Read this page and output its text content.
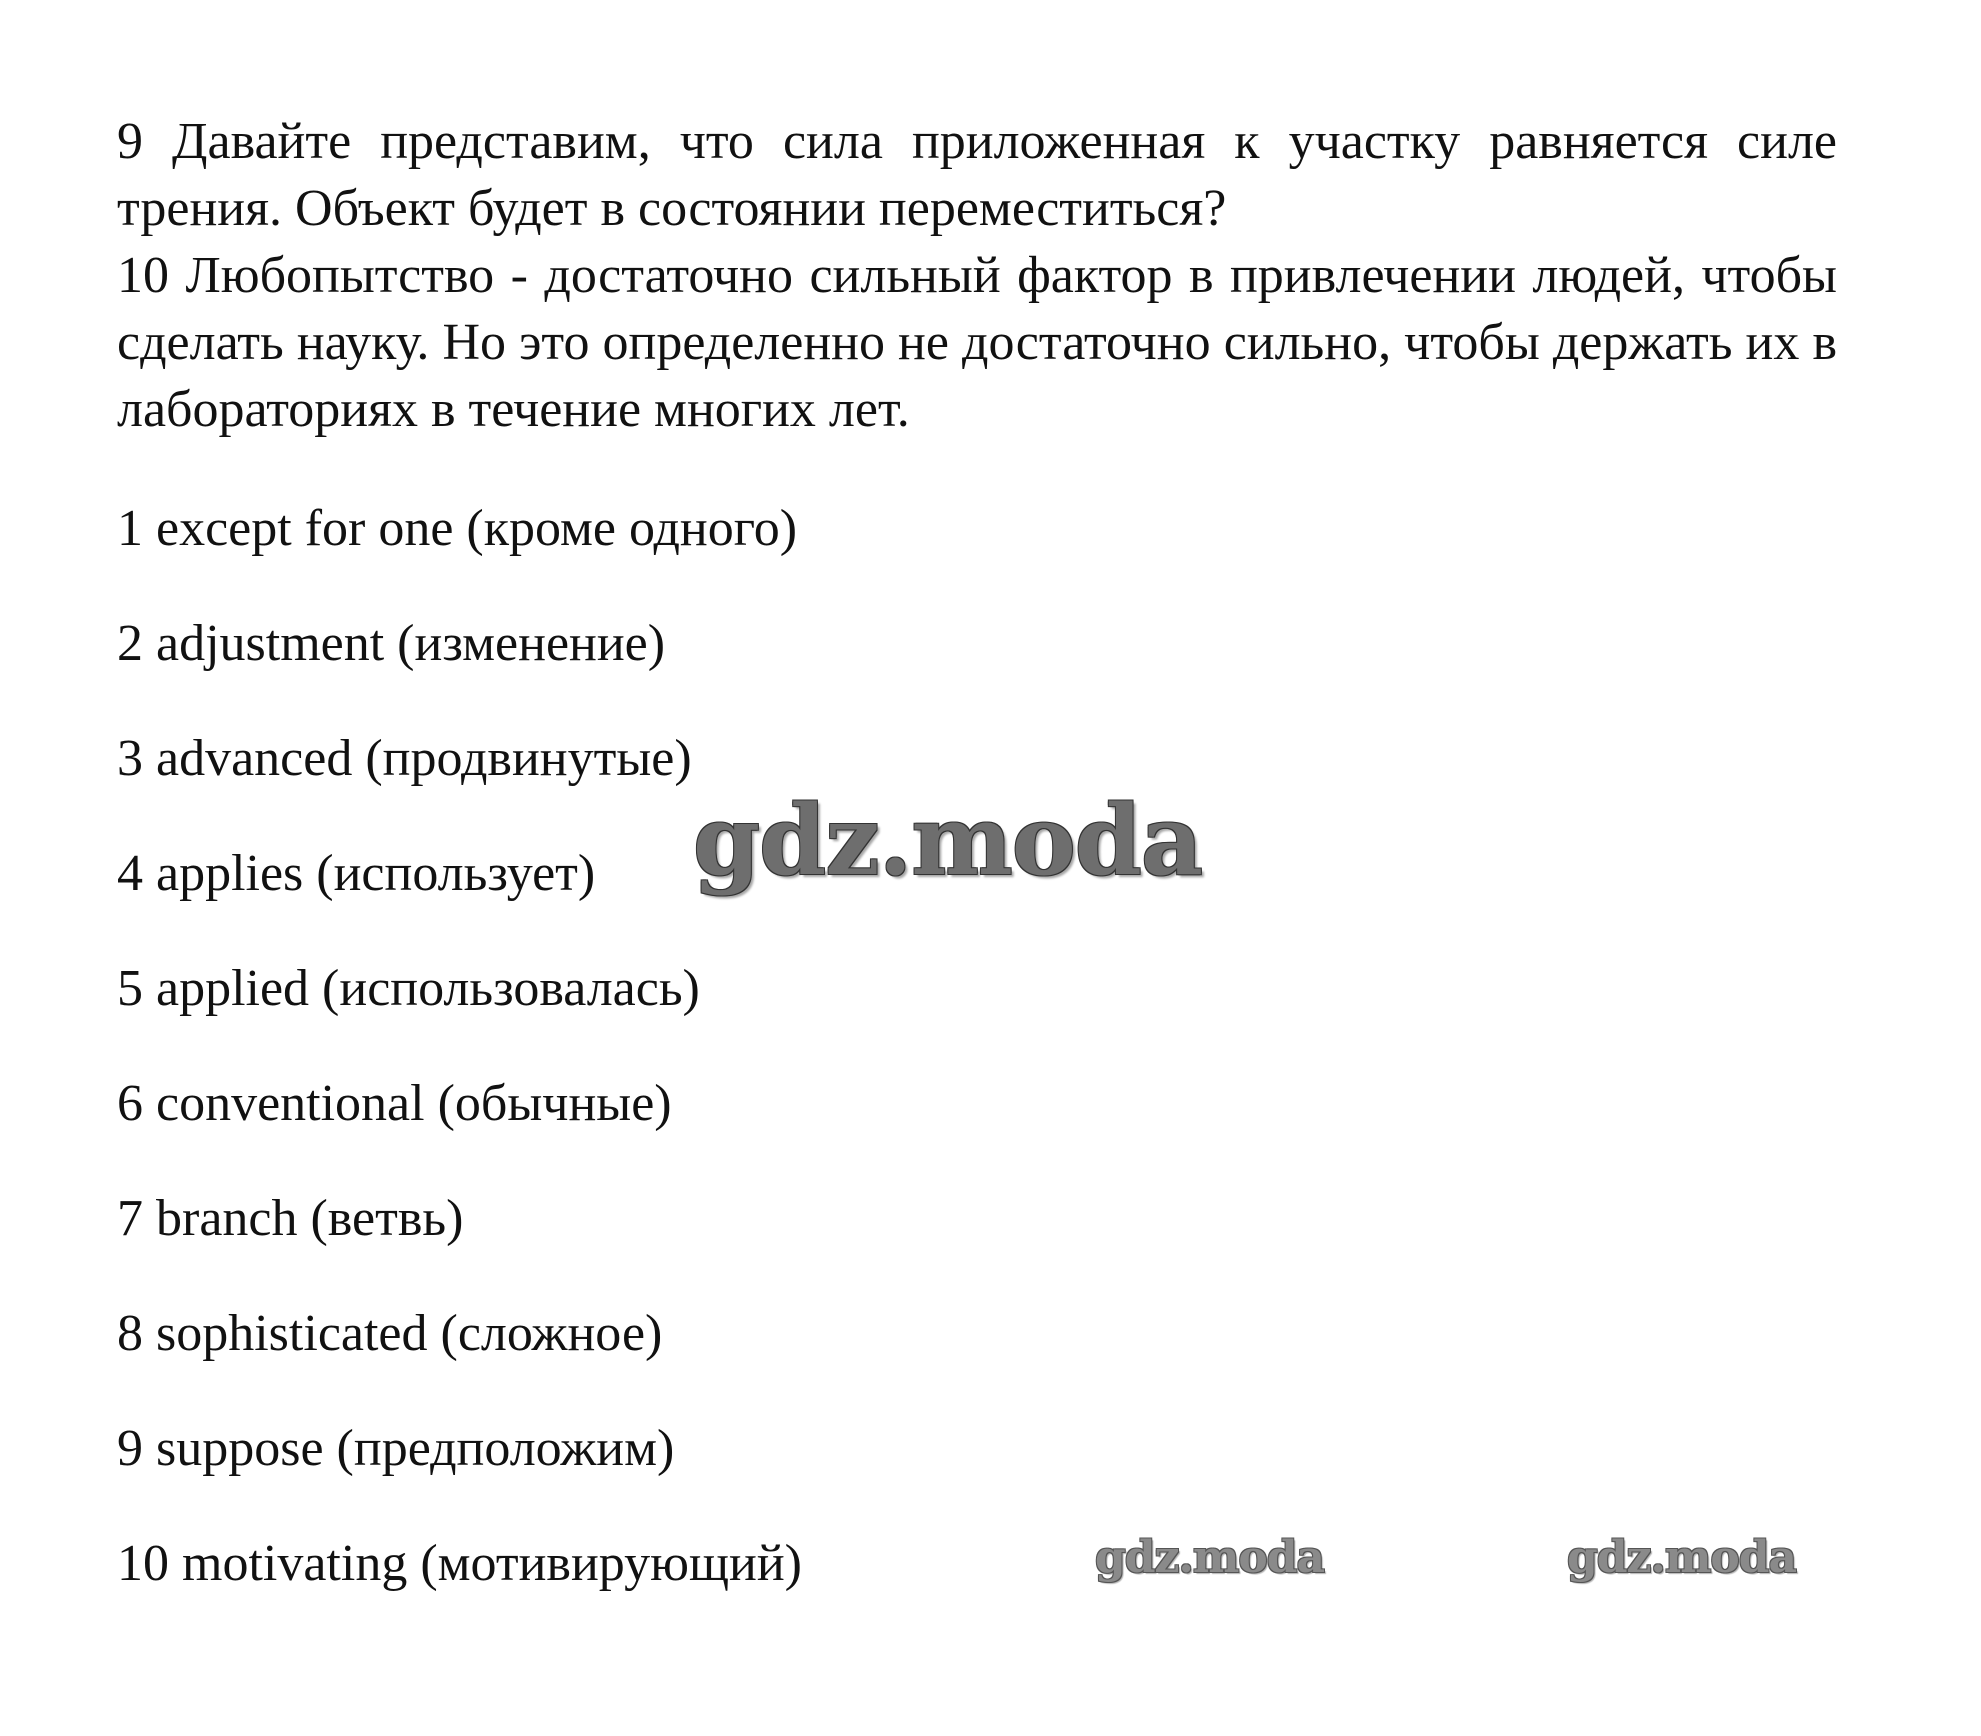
9 Давайте представим, что сила приложенная к участку равняется силе трения. Объект будет в состоянии переместиться?

10 Любопытство - достаточно сильный фактор в привлечении людей, чтобы сделать науку. Но это определенно не достаточно сильно, чтобы держать их в лабораториях в течение многих лет.

1 except for one (кроме одного)
2 adjustment (изменение)
3 advanced (продвинутые)
4 applies (использует)
5 applied (использовалась)
6 conventional (обычные)
7 branch (ветвь)
8 sophisticated (сложное)
9 suppose (предположим)
10 motivating (мотивирующий)
gdz.moda
gdz.moda	gdz.moda
